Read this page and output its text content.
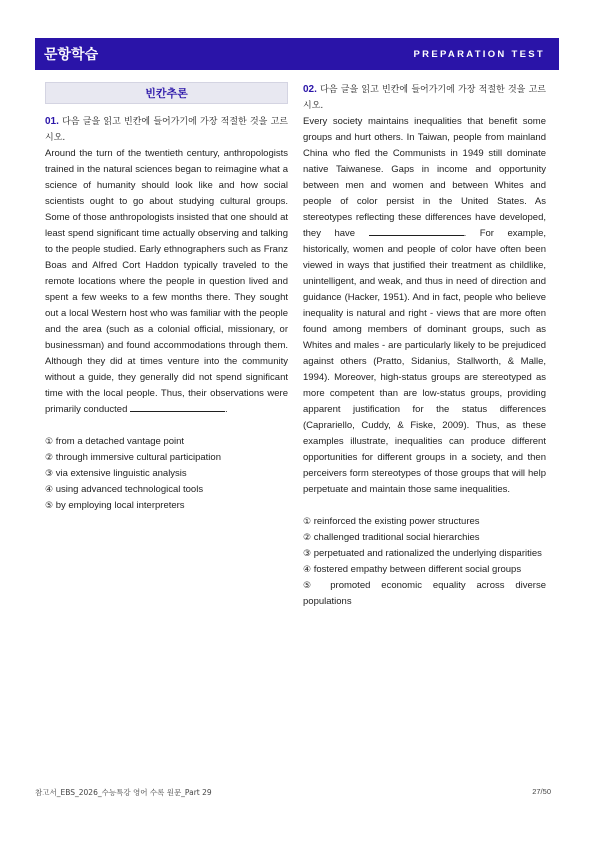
문항학습	PREPARATION TEST
빈칸추론
01. 다음 글을 읽고 빈칸에 들어가기에 가장 적절한 것을 고르시오.
Around the turn of the twentieth century, anthropologists trained in the natural sciences began to reimagine what a science of humanity should look like and how social scientists ought to go about studying cultural groups. Some of those anthropologists insisted that one should at least spend significant time actually observing and talking to the people studied. Early ethnographers such as Franz Boas and Alfred Cort Haddon typically traveled to the remote locations where the people in question lived and spent a few weeks to a few months there. They sought out a local Western host who was familiar with the people and the area (such as a colonial official, missionary, or businessman) and found accommodations through them. Although they did at times venture into the community without a guide, they generally did not spend significant time with the local people. Thus, their observations were primarily conducted	.
① from a detached vantage point
② through immersive cultural participation
③ via extensive linguistic analysis
④ using advanced technological tools
⑤ by employing local interpreters
02. 다음 글을 읽고 빈칸에 들어가기에 가장 적절한 것을 고르시오.
Every society maintains inequalities that benefit some groups and hurt others. In Taiwan, people from mainland China who fled the Communists in 1949 still dominate native Taiwanese. Gaps in income and opportunity between men and women and between Whites and people of color persist in the United States. As stereotypes reflecting these differences have developed, they have	. For example, historically, women and people of color have often been viewed in ways that justified their treatment as childlike, unintelligent, and weak, and thus in need of direction and guidance (Hacker, 1951). And in fact, people who believe inequality is natural and right - views that are more often found among members of dominant groups, such as Whites and males - are particularly likely to be prejudiced against others (Pratto, Sidanius, Stallworth, & Malle, 1994). Moreover, high-status groups are stereotyped as more competent than are low-status groups, providing apparent justification for the status differences (Caprariello, Cuddy, & Fiske, 2009). Thus, as these examples illustrate, inequalities can produce different opportunities for different groups in a society, and then perceivers form stereotypes of those groups that will help perpetuate and maintain those same inequalities.
① reinforced the existing power structures
② challenged traditional social hierarchies
③ perpetuated and rationalized the underlying disparities
④ fostered empathy between different social groups
⑤ promoted economic equality across diverse populations
참고서_EBS_2026_수능특강 영어 수록 원문_Part 29	27/50
